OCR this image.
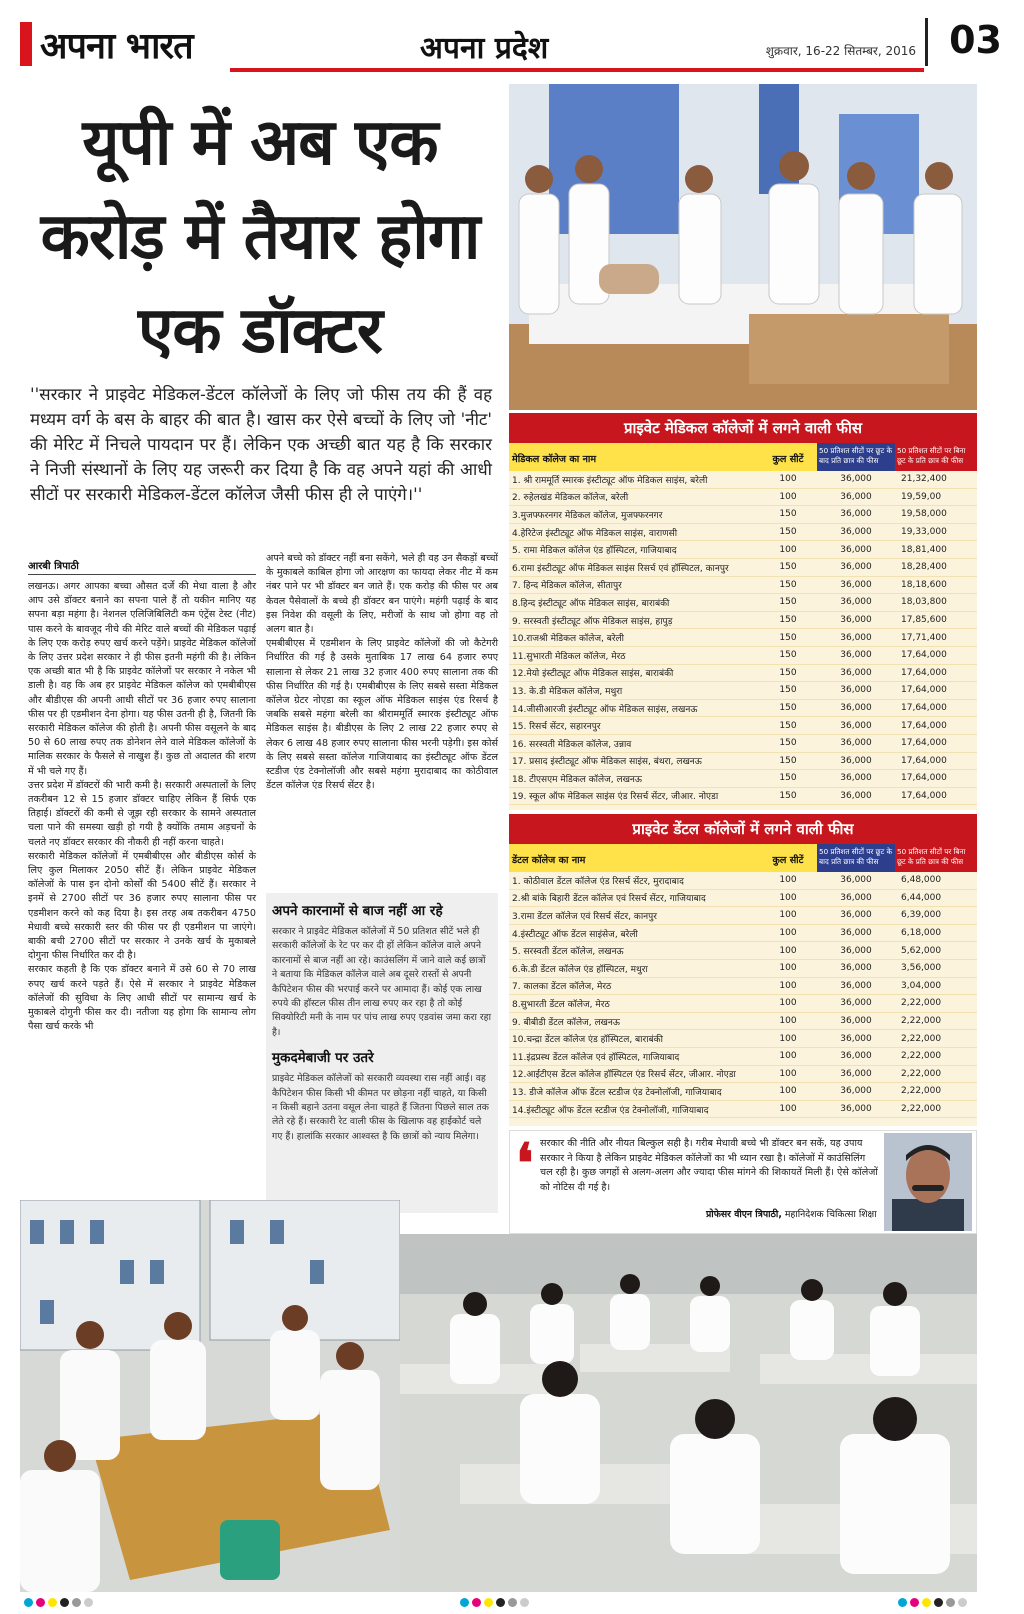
अपना भारत	अपना प्रदेश	शुक्रवार, 16-22 सितम्बर, 2016 03
यूपी में अब एक करोड़ में तैयार होगा एक डॉक्टर
''सरकार ने प्राइवेट मेडिकल-डेंटल कॉलेजों के लिए जो फीस तय की हैं वह मध्यम वर्ग के बस के बाहर की बात है। खास कर ऐसे बच्चों के लिए जो 'नीट' की मेरिट में निचले पायदान पर हैं। लेकिन एक अच्छी बात यह है कि सरकार ने निजी संस्थानों के लिए यह जरूरी कर दिया है कि वह अपने यहां की आधी सीटों पर सरकारी मेडिकल-डेंटल कॉलेज जैसी फीस ही ले पाएंगे।''
आरबी त्रिपाठी

लखनऊ। अगर आपका बच्चा औसत दर्जे की मेधा वाला है और आप उसे डॉक्टर बनाने का सपना पाले हैं तो यकीन मानिए यह सपना बड़ा महंगा है। नेशनल एलिजिबिलिटी कम एंट्रेंस टेस्ट (नीट) पास करने के बावजूद नीचे की मेरिट वाले बच्चों की मेडिकल पढ़ाई के लिए एक करोड़ रुपए खर्च करने पड़ेंगे। प्राइवेट मेडिकल कॉलेजों के लिए उत्तर प्रदेश सरकार ने ही फीस इतनी महंगी की है। लेकिन एक अच्छी बात भी है कि प्राइवेट कॉलेजों पर सरकार ने नकेल भी डाली है। वह कि अब हर प्राइवेट मेडिकल कॉलेज को एमबीबीएस और बीडीएस की अपनी आधी सीटों पर 36 हजार रुपए सालाना फीस पर ही एडमीशन देना होगा। यह फीस उतनी ही है, जितनी कि सरकारी मेडिकल कॉलेज की होती है। अपनी फीस वसूलने के बाद 50 से 60 लाख रुपए तक डोनेशन लेने वाले मेडिकल कॉलेजों के मालिक सरकार के फैसले से नाखुश हैं। कुछ तो अदालत की शरण में भी चले गए हैं।

उत्तर प्रदेश में डॉक्टरों की भारी कमी है। सरकारी अस्पतालों के लिए तकरीबन 12 से 15 हजार डॉक्टर चाहिए लेकिन हैं सिर्फ एक तिहाई। डॉक्टरों की कमी से जूझ रही सरकार के सामने अस्पताल चला पाने की समस्या खड़ी हो गयी है क्योंकि तमाम अड़चनों के चलते नए डॉक्टर सरकार की नौकरी ही नहीं करना चाहते।

सरकारी मेडिकल कॉलेजों में एमबीबीएस और बीडीएस कोर्स के लिए कुल मिलाकर 2050 सीटें हैं। लेकिन प्राइवेट मेडिकल कॉलेजों के पास इन दोनो कोर्सों की 5400 सीटें हैं। सरकार ने इनमें से 2700 सीटों पर 36 हजार रुपए सालाना फीस पर एडमीशन करने को कह दिया है। इस तरह अब तकरीबन 4750 मेधावी बच्चे सरकारी स्तर की फीस पर ही एडमीशन पा जाएंगे। बाकी बची 2700 सीटों पर सरकार ने उनके खर्च के मुकाबले दोगुना फीस निर्धारित कर दी है।

सरकार कहती है कि एक डॉक्टर बनाने में उसे 60 से 70 लाख रुपए खर्च करने पड़ते हैं। ऐसे में सरकार ने प्राइवेट मेडिकल कॉलेजों की सुविधा के लिए आधी सीटों पर सामान्य खर्च के मुकाबले दोगुनी फीस कर दी। नतीजा यह होगा कि सामान्य लोग पैसा खर्च करके भी

अपने बच्चे को डॉक्टर नहीं बना सकेंगे, भले ही वह उन सैकड़ों बच्चों के मुकाबले काबिल होगा जो आरक्षण का फायदा लेकर नीट में कम नंबर पाने पर भी डॉक्टर बन जाते हैं। एक करोड़ की फीस पर अब केवल पैसेवालों के बच्चे ही डॉक्टर बन पाएंगे। महंगी पढ़ाई के बाद इस निवेश की वसूली के लिए, मरीजों के साथ जो होगा वह तो अलग बात है।

एमबीबीएस में एडमीशन के लिए प्राइवेट कॉलेजों की जो कैटेगरी निर्धारित की गई है उसके मुताबिक 17 लाख 64 हजार रुपए सालाना से लेकर 21 लाख 32 हजार 400 रुपए सालाना तक की फीस निर्धारित की गई है। एमबीबीएस के लिए सबसे सस्ता मेडिकल कॉलेज ग्रेटर नोएडा का स्कूल ऑफ मेडिकल साइंस एंड रिसर्च है जबकि सबसे महंगा बरेली का श्रीराममूर्ति स्मारक इंस्टीट्यूट ऑफ मेडिकल साइंस है। बीडीएस के लिए 2 लाख 22 हजार रुपए से लेकर 6 लाख 48 हजार रुपए सालाना फीस भरनी पड़ेगी। इस कोर्स के लिए सबसे सस्ता कॉलेज गाजियाबाद का इंस्टीट्यूट ऑफ डेंटल स्टडीज एंड टेक्नोलॉजी और सबसे महंगा मुरादाबाद का कोठीवाल डेंटल कॉलेज एंड रिसर्च सेंटर है।

अपने कारनामों से बाज नहीं आ रहे

सरकार ने प्राइवेट मेडिकल कॉलेजों में 50 प्रतिशत सीटें भले ही सरकारी कॉलेजों के रेट पर कर दी हों लेकिन कॉलेज वाले अपने कारनामों से बाज नहीं आ रहे। काउंसलिंग में जाने वाले कई छात्रों ने बताया कि मेडिकल कॉलेज वाले अब दूसरे रास्तों से अपनी कैपिटेशन फीस की भरपाई करने पर आमादा हैं। कोई एक लाख रुपये की हॉस्टल फीस तीन लाख रुपए कर रहा है तो कोई सिक्योरिटी मनी के नाम पर पांच लाख रुपए एडवांस जमा करा रहा है।

मुकदमेबाजी पर उतरे

प्राइवेट मेडिकल कॉलेजों को सरकारी व्यवस्था रास नहीं आई। वह कैपिटेशन फीस किसी भी कीमत पर छोड़ना नहीं चाहते, या किसी न किसी बहाने उतना वसूल लेना चाहते हैं जितना पिछले साल तक लेते रहे हैं। सरकारी रेट वाली फीस के खिलाफ वह हाईकोर्ट चले गए हैं। हालांकि सरकार आश्वस्त है कि छात्रों को न्याय मिलेगा।

प्राइवेट मेडिकल कॉलेजों में लगने वाली फीस
मेडिकल कॉलेज का नाम	कुल सीटें
50 प्रतिशत सीटों पर छूट के बाद प्रति छात्र की फीस
50 प्रतिशत सीटों पर बिना छूट के प्रति छात्र की फीस
1. श्री राममूर्ति स्मारक इंस्टीट्यूट ऑफ मेडिकल साइंस, बरेली	100	36,000	21,32,400
2. रुहेलखंड मेडिकल कॉलेज, बरेली	100	36,000	19,59,00
3.मुजफ्फरनगर मेडिकल कॉलेज, मुजफ्फरनगर	150	36,000	19,58,000
4.हेरिटेज इंस्टीट्यूट ऑफ मेडिकल साइंस, वाराणसी	150	36,000	19,33,000
5. रामा मेडिकल कॉलेज एंड हॉस्पिटल, गाजियाबाद	100	36,000	18,81,400
6.रामा इंस्टीट्यूट ऑफ मेडिकल साइंस रिसर्च एवं हॉस्पिटल, कानपुर	150	36,000	18,28,400
7. हिन्द मेडिकल कॉलेज, सीतापुर	150	36,000	18,18,600
8.हिन्द इंस्टीट्यूट ऑफ मेडिकल साइंस, बाराबंकी	150	36,000	18,03,800
9. सरस्वती इंस्टीट्यूट ऑफ मेडिकल साइंस, हापुड़	150	36,000	17,85,600
10.राजश्री मेडिकल कॉलेज, बरेली	150	36,000	17,71,400
11.सुभारती मेडिकल कॉलेज, मेरठ	150	36,000	17,64,000
12.मेयो इंस्टीट्यूट ऑफ मेडिकल साइंस, बाराबंकी	150	36,000	17,64,000
13. के.डी मेडिकल कॉलेज, मथुरा	150	36,000	17,64,000
14.जीसीआरजी इंस्टीट्यूट ऑफ मेडिकल साइंस, लखनऊ	150	36,000	17,64,000
15. रिसर्च सेंटर, सहारनपुर	150	36,000	17,64,000
16. सरस्वती मेडिकल कॉलेज, उन्नाव	150	36,000	17,64,000
17. प्रसाद इंस्टीट्यूट ऑफ मेडिकल साइंस, बंथरा, लखनऊ	150	36,000	17,64,000
18. टीएसएम मेडिकल कॉलेज, लखनऊ	150	36,000	17,64,000
19. स्कूल ऑफ मेडिकल साइंस एंड रिसर्च सेंटर, जीआर. नोएडा	150	36,000	17,64,000
प्राइवेट डेंटल कॉलेजों में लगने वाली फीस
डेंटल कॉलेज का नाम	कुल सीटें
50 प्रतिशत सीटों पर छूट के बाद प्रति छात्र की फीस
50 प्रतिशत सीटों पर बिना छूट के प्रति छात्र की फीस
1. कोठीवाल डेंटल कॉलेज एंड रिसर्च सेंटर, मुरादाबाद	100	36,000	6,48,000
2.श्री बांके बिहारी डेंटल कॉलेज एवं रिसर्च सेंटर, गाजियाबाद	100	36,000	6,44,000
3.रामा डेंटल कॉलेज एवं रिसर्च सेंटर, कानपुर	100	36,000	6,39,000
4.इंस्टीट्यूट ऑफ डेंटल साइंसेज, बरेली	100	36,000	6,18,000
5. सरस्वती डेंटल कॉलेज, लखनऊ	100	36,000	5,62,000
6.के.डी डेंटल कॉलेज एंड हॉस्पिटल, मथुरा	100	36,000	3,56,000
7. कालका डेंटल कॉलेज, मेरठ	100	36,000	3,04,000
8.सुभारती डेंटल कॉलेज, मेरठ	100	36,000	2,22,000
9. बीबीडी डेंटल कॉलेज, लखनऊ	100	36,000	2,22,000
10.चन्द्रा डेंटल कॉलेज एंड हॉस्पिटल, बाराबंकी	100	36,000	2,22,000
11.इंद्रप्रस्थ डेंटल कॉलेज एवं हॉस्पिटल, गाजियाबाद	100	36,000	2,22,000
12.आईटीएस डेंटल कॉलेज हॉस्पिटल एंड रिसर्च सेंटर, जीआर. नोएडा	100	36,000	2,22,000
13. डीजे कॉलेज ऑफ डेंटल स्टडीज एंड टेक्नोलॉजी, गाजियाबाद	100	36,000	2,22,000
14.इंस्टीट्यूट ऑफ डेंटल स्टडीज एंड टेक्नोलॉजी, गाजियाबाद	100	36,000	2,22,000
❛ सरकार की नीति और नीयत बिल्कुल सही है। गरीब मेधावी बच्चे भी डॉक्टर बन सकें, यह उपाय सरकार ने किया है लेकिन प्राइवेट मेडिकल कॉलेजों का भी ध्यान रखा है। कॉलेजों में काउंसिलिंग चल रही है। कुछ जगहों से अलग-अलग और ज्यादा फीस मांगने की शिकायतें मिली हैं। ऐसे कॉलेजों को नोटिस दी गई है।
प्रोफेसर वीएन त्रिपाठी, महानिदेशक चिकित्सा शिक्षा
